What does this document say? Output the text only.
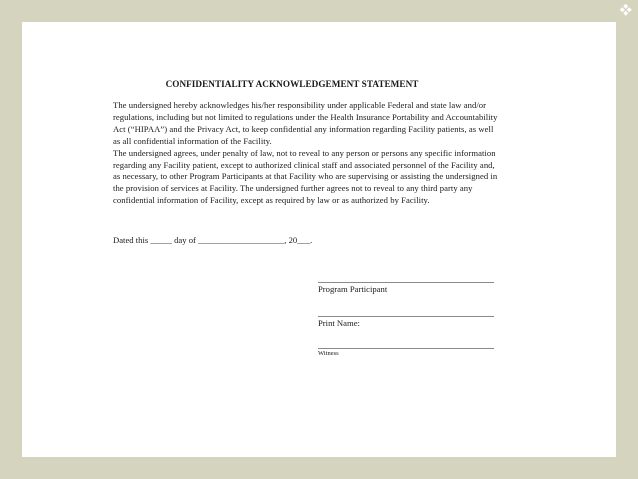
CONFIDENTIALITY ACKNOWLEDGEMENT STATEMENT

The undersigned hereby acknowledges his/her responsibility under applicable Federal and state law and/or regulations, including but not limited to regulations under the Health Insurance Portability and Accountability Act (“HIPAA”) and the Privacy Act, to keep confidential any information regarding Facility patients, as well as all confidential information of the Facility.

The undersigned agrees, under penalty of law, not to reveal to any person or persons any specific information regarding any Facility patient, except to authorized clinical staff and associated personnel of the Facility and, as necessary, to other Program Participants at that Facility who are supervising or assisting the undersigned in the provision of services at Facility. The undersigned further agrees not to reveal to any third party any confidential information of Facility, except as required by law or as authorized by Facility.

Dated this _____ day of ____________________, 20___.
Program Participant
Print Name:
Witness
